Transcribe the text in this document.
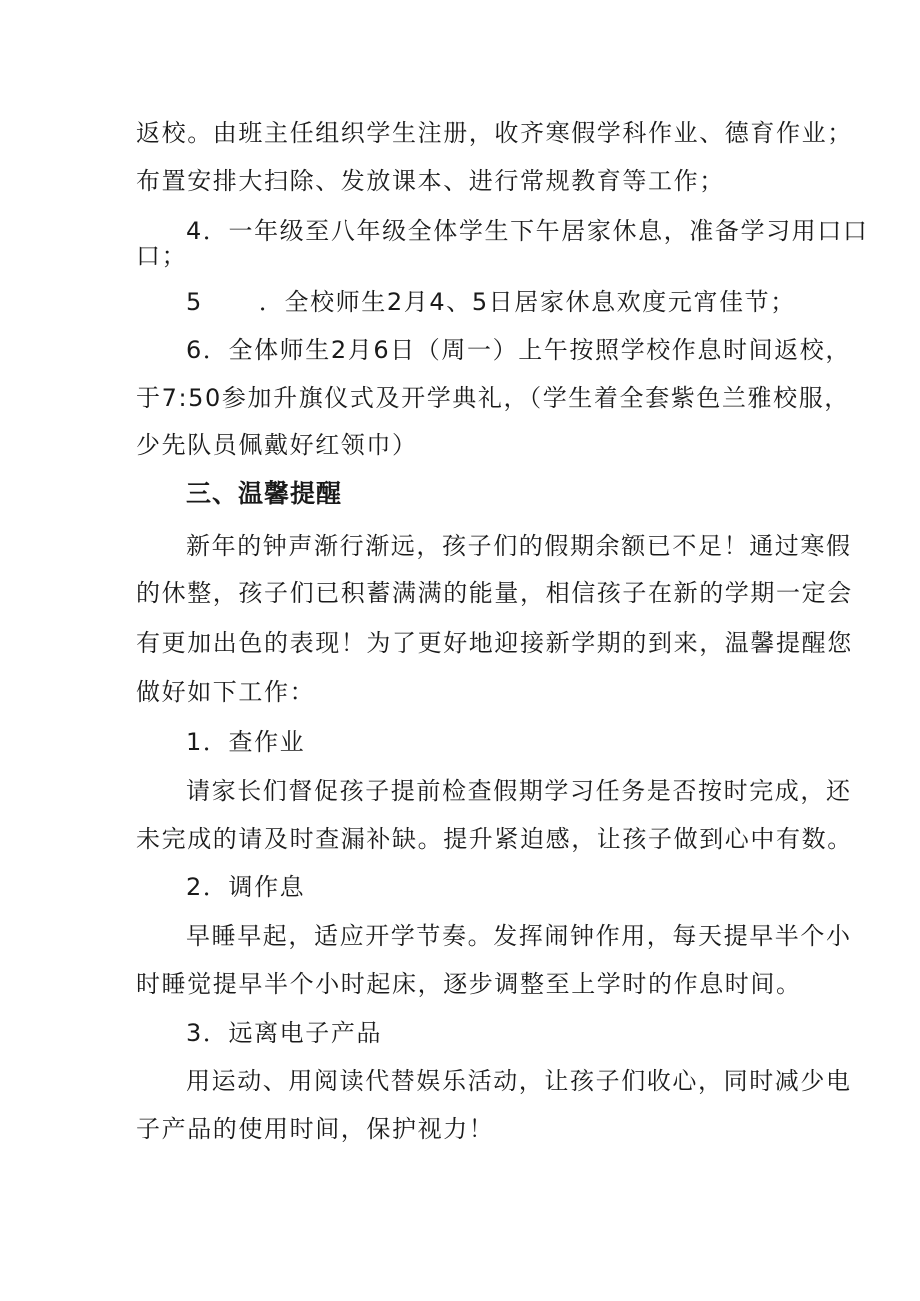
返校。由班主任组织学生注册，收齐寒假学科作业、德育作业；
布置安排大扫除、发放课本、进行常规教育等工作；
4．一年级至八年级全体学生下午居家休息，准备学习用口口
口；
5 ．全校师生2月4、5日居家休息欢度元宵佳节；
6．全体师生2月6日（周一）上午按照学校作息时间返校，
于7:50参加升旗仪式及开学典礼，（学生着全套紫色兰雅校服，
少先队员佩戴好红领巾）
三、温馨提醒
新年的钟声渐行渐远，孩子们的假期余额已不足！通过寒假
的休整，孩子们已积蓄满满的能量，相信孩子在新的学期一定会
有更加出色的表现！为了更好地迎接新学期的到来，温馨提醒您
做好如下工作：
1．查作业
请家长们督促孩子提前检查假期学习任务是否按时完成，还
未完成的请及时查漏补缺。提升紧迫感，让孩子做到心中有数。
2．调作息
早睡早起，适应开学节奏。发挥闹钟作用，每天提早半个小
时睡觉提早半个小时起床，逐步调整至上学时的作息时间。
3．远离电子产品
用运动、用阅读代替娱乐活动，让孩子们收心，同时减少电
子产品的使用时间，保护视力！
